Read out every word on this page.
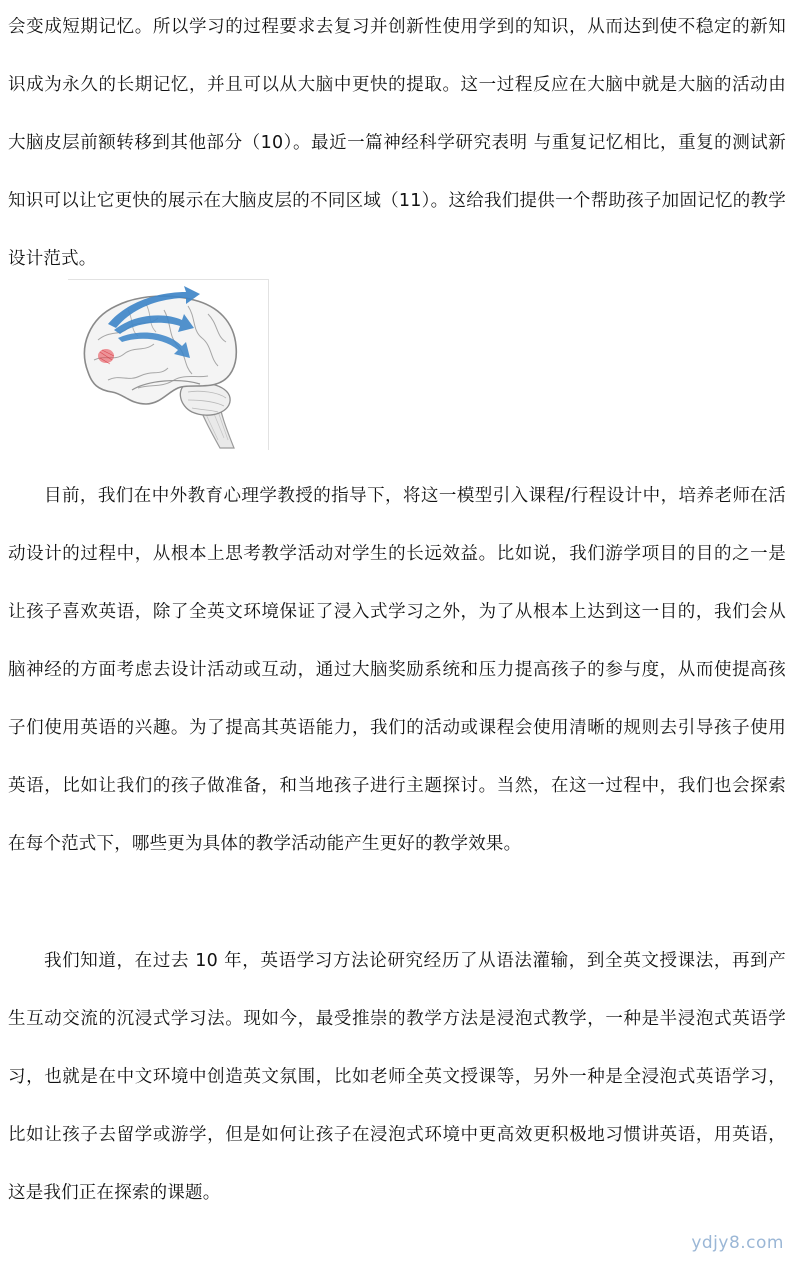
会变成短期记忆。所以学习的过程要求去复习并创新性使用学到的知识，从而达到使不稳定的新知识成为永久的长期记忆，并且可以从大脑中更快的提取。这一过程反应在大脑中就是大脑的活动由大脑皮层前额转移到其他部分（10）。最近一篇神经科学研究表明 与重复记忆相比，重复的测试新知识可以让它更快的展示在大脑皮层的不同区域（11）。这给我们提供一个帮助孩子加固记忆的教学设计范式。

目前，我们在中外教育心理学教授的指导下，将这一模型引入课程/行程设计中，培养老师在活动设计的过程中，从根本上思考教学活动对学生的长远效益。比如说，我们游学项目的目的之一是让孩子喜欢英语，除了全英文环境保证了浸入式学习之外，为了从根本上达到这一目的，我们会从脑神经的方面考虑去设计活动或互动，通过大脑奖励系统和压力提高孩子的参与度，从而使提高孩子们使用英语的兴趣。为了提高其英语能力，我们的活动或课程会使用清晰的规则去引导孩子使用英语，比如让我们的孩子做准备，和当地孩子进行主题探讨。当然，在这一过程中，我们也会探索在每个范式下，哪些更为具体的教学活动能产生更好的教学效果。

我们知道，在过去 10 年，英语学习方法论研究经历了从语法灌输，到全英文授课法，再到产生互动交流的沉浸式学习法。现如今，最受推崇的教学方法是浸泡式教学，一种是半浸泡式英语学习，也就是在中文环境中创造英文氛围，比如老师全英文授课等，另外一种是全浸泡式英语学习，比如让孩子去留学或游学，但是如何让孩子在浸泡式环境中更高效更积极地习惯讲英语，用英语，这是我们正在探索的课题。

ydjy8.com
